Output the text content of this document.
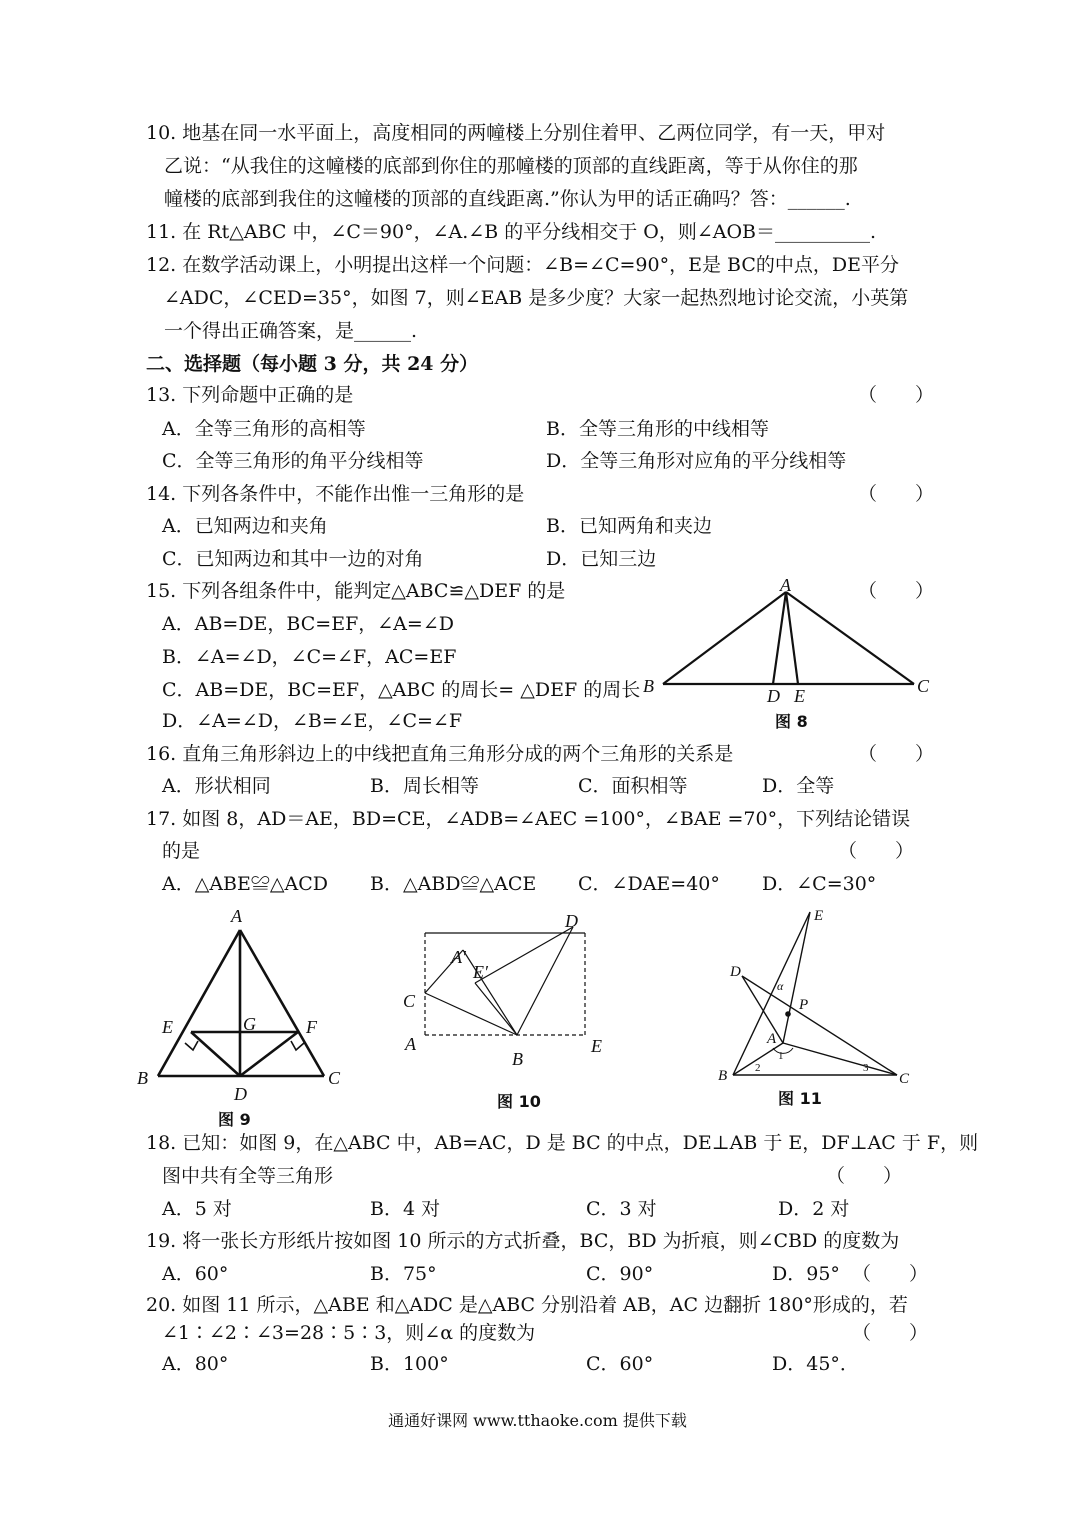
10. 地基在同一水平面上，高度相同的两幢楼上分别住着甲、乙两位同学，有一天，甲对
乙说：“从我住的这幢楼的底部到你住的那幢楼的顶部的直线距离，等于从你住的那
幢楼的底部到我住的这幢楼的顶部的直线距离.”你认为甲的话正确吗？答：______.
11. 在 Rt△ABC 中，∠C＝90°，∠A.∠B 的平分线相交于 O，则∠AOB＝__________.
12. 在数学活动课上，小明提出这样一个问题：∠B=∠C=90°，E是 BC的中点，DE平分
∠ADC，∠CED=35°，如图 7，则∠EAB 是多少度？大家一起热烈地讨论交流，小英第
一个得出正确答案，是______.
二、选择题（每小题 3 分，共 24 分）
13. 下列命题中正确的是	（　　）
A．全等三角形的高相等	B．全等三角形的中线相等
C．全等三角形的角平分线相等	D．全等三角形对应角的平分线相等
14. 下列各条件中，不能作出惟一三角形的是	（　　）
A．已知两边和夹角	B．已知两角和夹边
C．已知两边和其中一边的对角	D．已知三边
15. 下列各组条件中，能判定△ABC≌△DEF 的是	（　　）
A．AB=DE，BC=EF，∠A=∠D
B．∠A=∠D，∠C=∠F，AC=EF
C．AB=DE，BC=EF，△ABC 的周长= △DEF 的周长
D．∠A=∠D，∠B=∠E，∠C=∠F
A
B	C
D E
图 8
16. 直角三角形斜边上的中线把直角三角形分成的两个三角形的关系是	（　　）
A．形状相同	B．周长相等	C．面积相等	D．全等
17. 如图 8，AD＝AE，BD=CE，∠ADB=∠AEC =100°，∠BAE =70°，下列结论错误
的是	（　　）
A．△ABE≌△ACD B．△ABD≌△ACE C．∠DAE=40° D．∠C=30°
A
B	C
D
E	F
G
图 9
A
B
C
D
E
A′
E′
图 10
E
D
P
α
A
B	C
1
2	3
图 11
18. 已知：如图 9，在△ABC 中，AB=AC，D 是 BC 的中点，DE⊥AB 于 E，DF⊥AC 于 F，则
图中共有全等三角形	（　　）
A．5 对	B．4 对	C．3 对	D．2 对
19. 将一张长方形纸片按如图 10 所示的方式折叠，BC，BD 为折痕，则∠CBD 的度数为
A．60°	B．75°	C．90°	D．95° （　　）
20. 如图 11 所示，△ABE 和△ADC 是△ABC 分别沿着 AB，AC 边翻折 180°形成的，若
∠1∶∠2∶∠3=28∶5∶3，则∠α 的度数为	（　　）
A．80°	B．100°	C．60°	D．45°．
通通好课网 www.tthaoke.com 提供下载
